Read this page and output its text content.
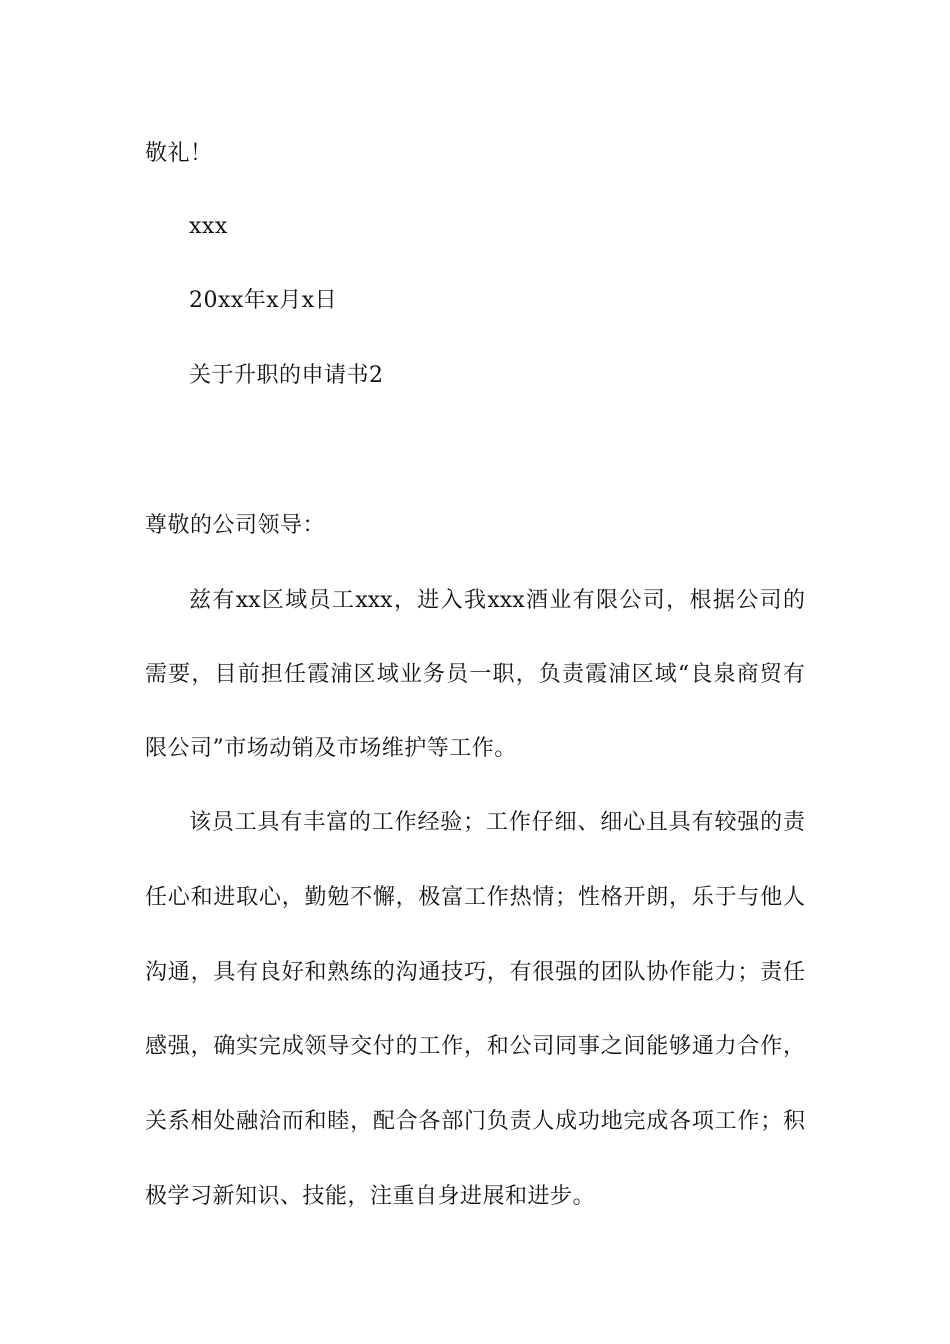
敬礼！
xxx
20xx年x月x日
关于升职的申请书2
尊敬的公司领导：
兹有xx区域员工xxx，进入我xxx酒业有限公司，根据公司的
需要，目前担任霞浦区域业务员一职，负责霞浦区域“良泉商贸有
限公司”市场动销及市场维护等工作。
该员工具有丰富的工作经验；工作仔细、细心且具有较强的责
任心和进取心，勤勉不懈，极富工作热情；性格开朗，乐于与他人
沟通，具有良好和熟练的沟通技巧，有很强的团队协作能力；责任
感强，确实完成领导交付的工作，和公司同事之间能够通力合作，
关系相处融洽而和睦，配合各部门负责人成功地完成各项工作；积
极学习新知识、技能，注重自身进展和进步。
